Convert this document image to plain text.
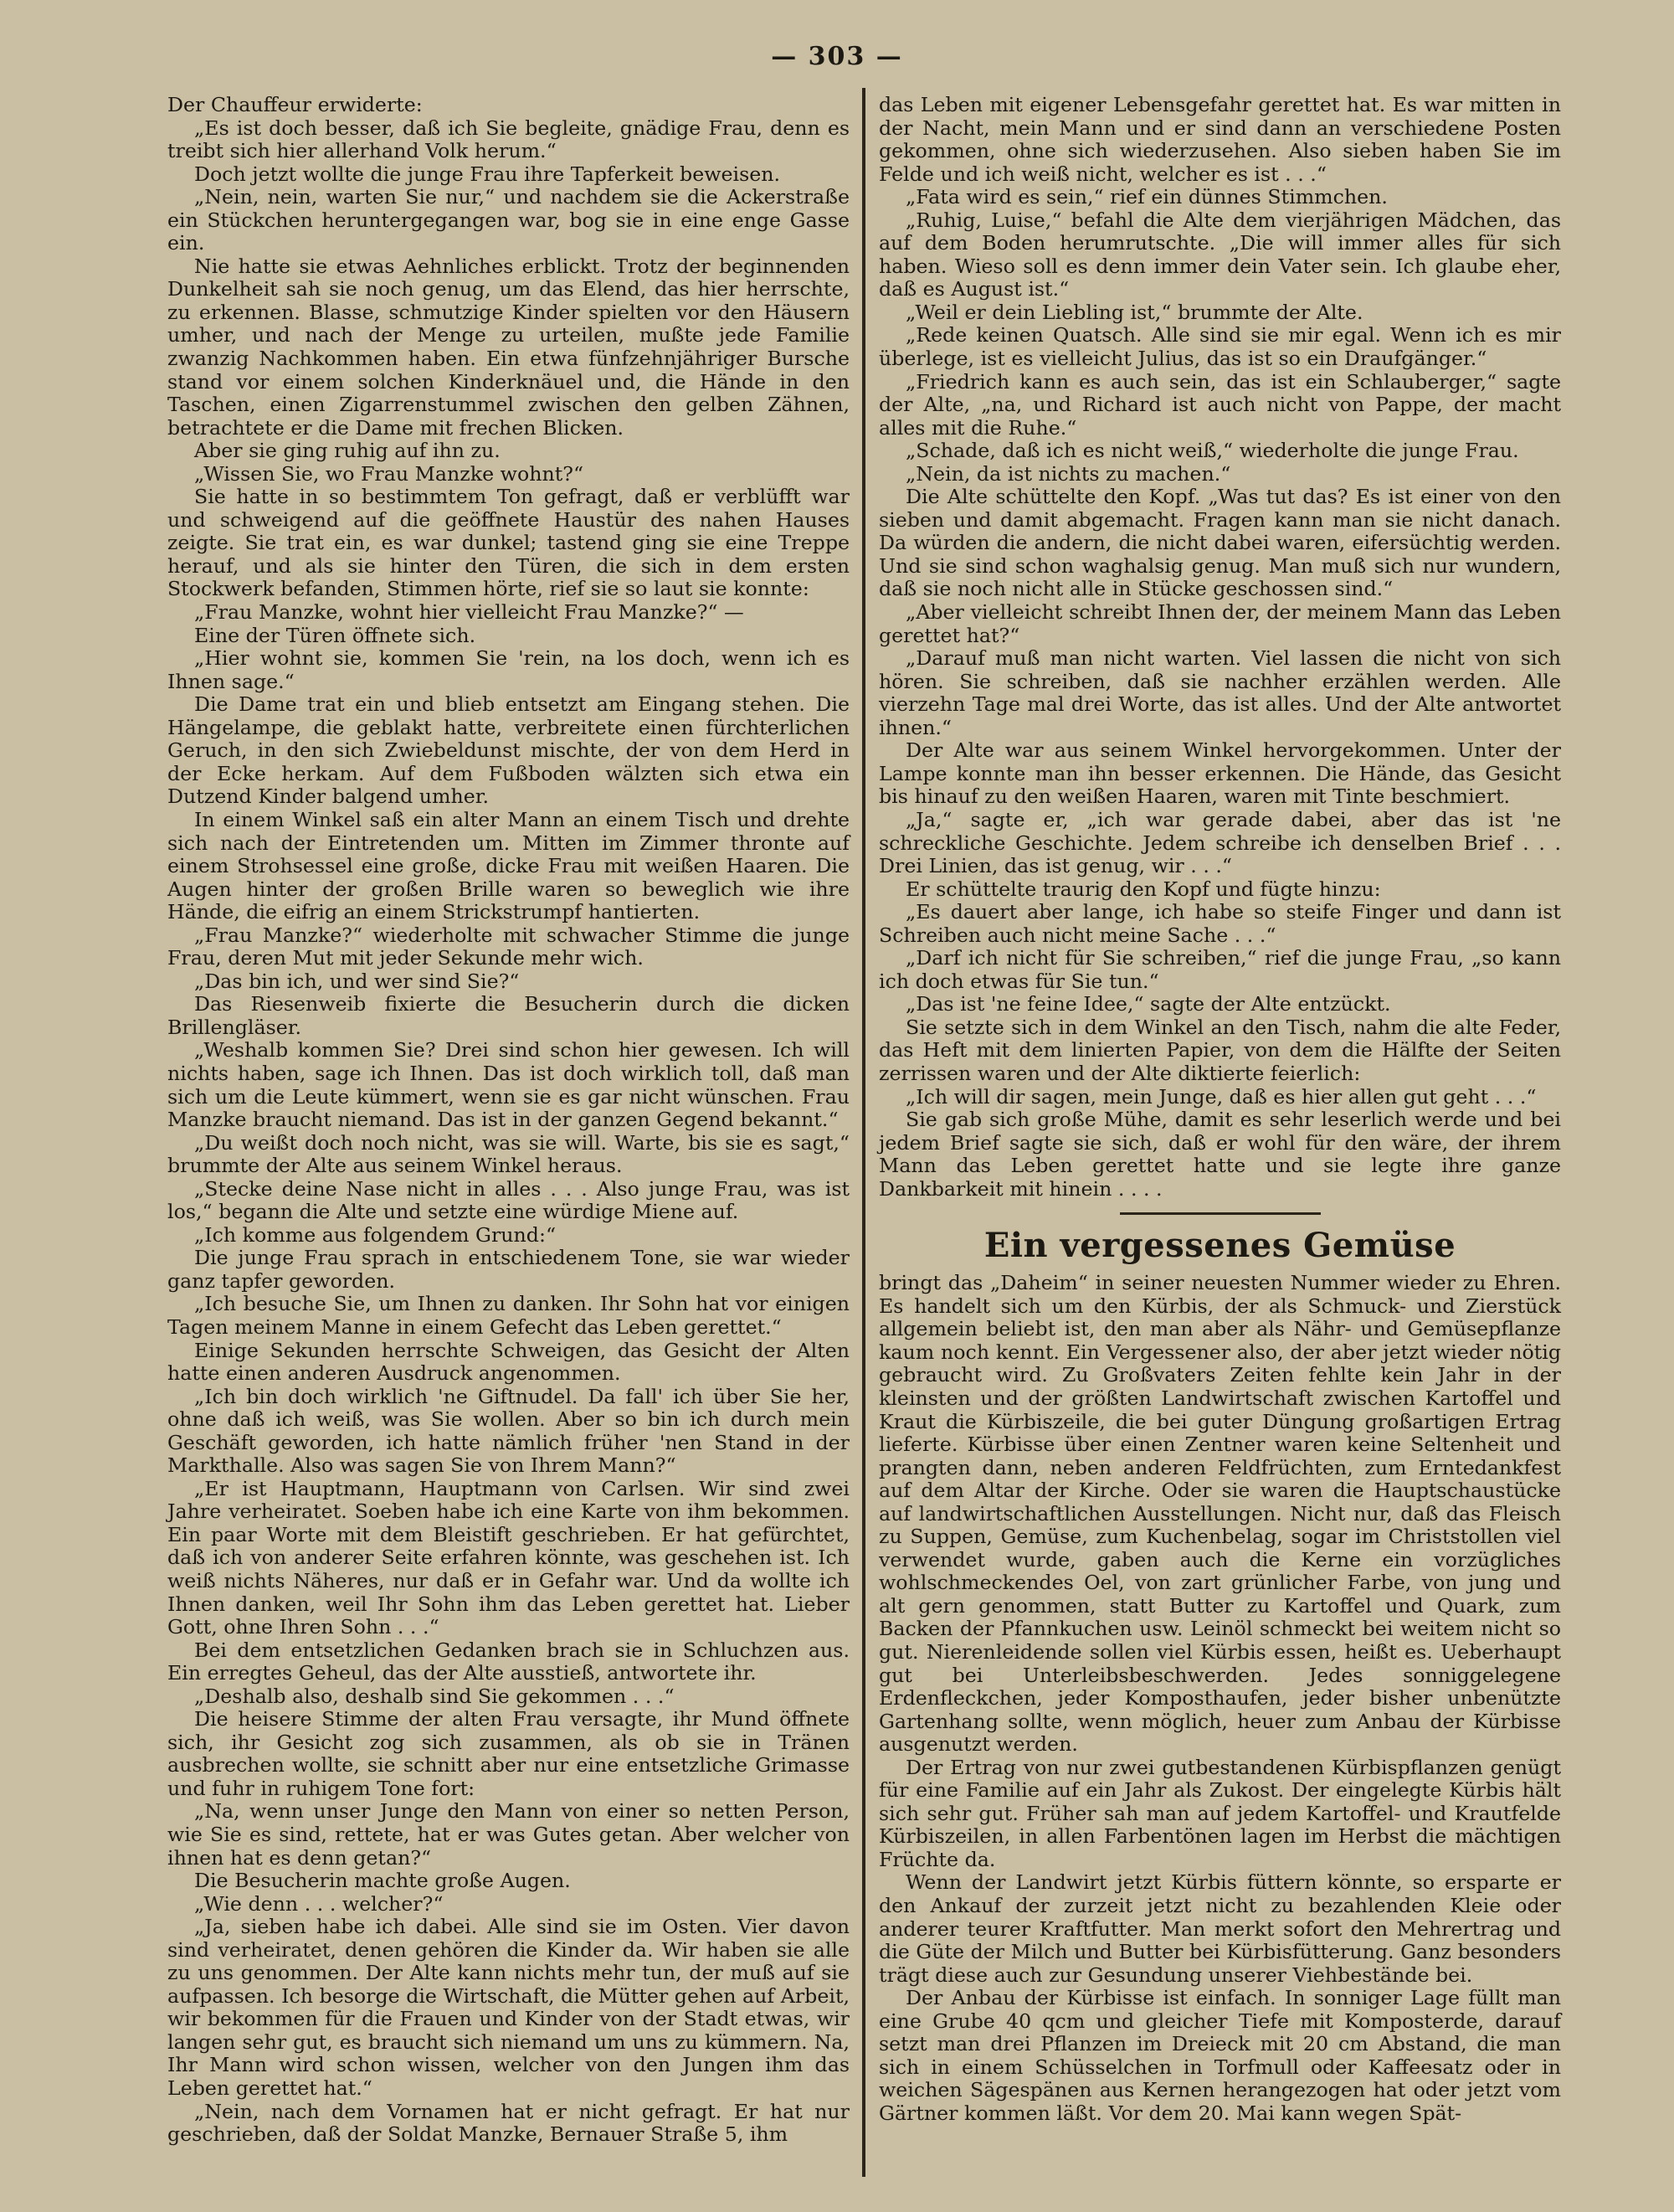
— 303 —

Der Chauffeur erwiderte:

„Es ist doch besser, daß ich Sie begleite, gnädige Frau, denn es treibt sich hier allerhand Volk herum.“

Doch jetzt wollte die junge Frau ihre Tapferkeit beweisen.

„Nein, nein, warten Sie nur,“ und nachdem sie die Ackerstraße ein Stückchen heruntergegangen war, bog sie in eine enge Gasse ein.

Nie hatte sie etwas Aehnliches erblickt. Trotz der beginnenden Dunkelheit sah sie noch genug, um das Elend, das hier herrschte, zu erkennen. Blasse, schmutzige Kinder spielten vor den Häusern umher, und nach der Menge zu urteilen, mußte jede Familie zwanzig Nachkommen haben. Ein etwa fünfzehnjähriger Bursche stand vor einem solchen Kinderknäuel und, die Hände in den Taschen, einen Zigarrenstummel zwischen den gelben Zähnen, betrachtete er die Dame mit frechen Blicken.

Aber sie ging ruhig auf ihn zu.

„Wissen Sie, wo Frau Manzke wohnt?“

Sie hatte in so bestimmtem Ton gefragt, daß er verblüfft war und schweigend auf die geöffnete Haustür des nahen Hauses zeigte. Sie trat ein, es war dunkel; tastend ging sie eine Treppe herauf, und als sie hinter den Türen, die sich in dem ersten Stockwerk befanden, Stimmen hörte, rief sie so laut sie konnte:

„Frau Manzke, wohnt hier vielleicht Frau Manzke?“ —

Eine der Türen öffnete sich.

„Hier wohnt sie, kommen Sie 'rein, na los doch, wenn ich es Ihnen sage.“

Die Dame trat ein und blieb entsetzt am Eingang stehen. Die Hängelampe, die geblakt hatte, verbreitete einen fürchterlichen Geruch, in den sich Zwiebeldunst mischte, der von dem Herd in der Ecke herkam. Auf dem Fußboden wälzten sich etwa ein Dutzend Kinder balgend umher.

In einem Winkel saß ein alter Mann an einem Tisch und drehte sich nach der Eintretenden um. Mitten im Zimmer thronte auf einem Strohsessel eine große, dicke Frau mit weißen Haaren. Die Augen hinter der großen Brille waren so beweglich wie ihre Hände, die eifrig an einem Strickstrumpf hantierten.

„Frau Manzke?“ wiederholte mit schwacher Stimme die junge Frau, deren Mut mit jeder Sekunde mehr wich.

„Das bin ich, und wer sind Sie?“

Das Riesenweib fixierte die Besucherin durch die dicken Brillengläser.

„Weshalb kommen Sie? Drei sind schon hier gewesen. Ich will nichts haben, sage ich Ihnen. Das ist doch wirklich toll, daß man sich um die Leute kümmert, wenn sie es gar nicht wünschen. Frau Manzke braucht niemand. Das ist in der ganzen Gegend bekannt.“

„Du weißt doch noch nicht, was sie will. Warte, bis sie es sagt,“ brummte der Alte aus seinem Winkel heraus.

„Stecke deine Nase nicht in alles . . . Also junge Frau, was ist los,“ begann die Alte und setzte eine würdige Miene auf.

„Ich komme aus folgendem Grund:“

Die junge Frau sprach in entschiedenem Tone, sie war wieder ganz tapfer geworden.

„Ich besuche Sie, um Ihnen zu danken. Ihr Sohn hat vor einigen Tagen meinem Manne in einem Gefecht das Leben gerettet.“

Einige Sekunden herrschte Schweigen, das Gesicht der Alten hatte einen anderen Ausdruck angenommen.

„Ich bin doch wirklich 'ne Giftnudel. Da fall' ich über Sie her, ohne daß ich weiß, was Sie wollen. Aber so bin ich durch mein Geschäft geworden, ich hatte nämlich früher 'nen Stand in der Markthalle. Also was sagen Sie von Ihrem Mann?“

„Er ist Hauptmann, Hauptmann von Carlsen. Wir sind zwei Jahre verheiratet. Soeben habe ich eine Karte von ihm bekommen. Ein paar Worte mit dem Bleistift geschrieben. Er hat gefürchtet, daß ich von anderer Seite erfahren könnte, was geschehen ist. Ich weiß nichts Näheres, nur daß er in Gefahr war. Und da wollte ich Ihnen danken, weil Ihr Sohn ihm das Leben gerettet hat. Lieber Gott, ohne Ihren Sohn . . .“

Bei dem entsetzlichen Gedanken brach sie in Schluchzen aus. Ein erregtes Geheul, das der Alte ausstieß, antwortete ihr.

„Deshalb also, deshalb sind Sie gekommen . . .“

Die heisere Stimme der alten Frau versagte, ihr Mund öffnete sich, ihr Gesicht zog sich zusammen, als ob sie in Tränen ausbrechen wollte, sie schnitt aber nur eine entsetzliche Grimasse und fuhr in ruhigem Tone fort:

„Na, wenn unser Junge den Mann von einer so netten Person, wie Sie es sind, rettete, hat er was Gutes getan. Aber welcher von ihnen hat es denn getan?“

Die Besucherin machte große Augen.

„Wie denn . . . welcher?“

„Ja, sieben habe ich dabei. Alle sind sie im Osten. Vier davon sind verheiratet, denen gehören die Kinder da. Wir haben sie alle zu uns genommen. Der Alte kann nichts mehr tun, der muß auf sie aufpassen. Ich besorge die Wirtschaft, die Mütter gehen auf Arbeit, wir bekommen für die Frauen und Kinder von der Stadt etwas, wir langen sehr gut, es braucht sich niemand um uns zu kümmern. Na, Ihr Mann wird schon wissen, welcher von den Jungen ihm das Leben gerettet hat.“

„Nein, nach dem Vornamen hat er nicht gefragt. Er hat nur geschrieben, daß der Soldat Manzke, Bernauer Straße 5, ihm

das Leben mit eigener Lebensgefahr gerettet hat. Es war mitten in der Nacht, mein Mann und er sind dann an verschiedene Posten gekommen, ohne sich wiederzusehen. Also sieben haben Sie im Felde und ich weiß nicht, welcher es ist . . .“

„Fata wird es sein,“ rief ein dünnes Stimmchen.

„Ruhig, Luise,“ befahl die Alte dem vierjährigen Mädchen, das auf dem Boden herumrutschte. „Die will immer alles für sich haben. Wieso soll es denn immer dein Vater sein. Ich glaube eher, daß es August ist.“

„Weil er dein Liebling ist,“ brummte der Alte.

„Rede keinen Quatsch. Alle sind sie mir egal. Wenn ich es mir überlege, ist es vielleicht Julius, das ist so ein Draufgänger.“

„Friedrich kann es auch sein, das ist ein Schlauberger,“ sagte der Alte, „na, und Richard ist auch nicht von Pappe, der macht alles mit die Ruhe.“

„Schade, daß ich es nicht weiß,“ wiederholte die junge Frau.

„Nein, da ist nichts zu machen.“

Die Alte schüttelte den Kopf. „Was tut das? Es ist einer von den sieben und damit abgemacht. Fragen kann man sie nicht danach. Da würden die andern, die nicht dabei waren, eifersüchtig werden. Und sie sind schon waghalsig genug. Man muß sich nur wundern, daß sie noch nicht alle in Stücke geschossen sind.“

„Aber vielleicht schreibt Ihnen der, der meinem Mann das Leben gerettet hat?“

„Darauf muß man nicht warten. Viel lassen die nicht von sich hören. Sie schreiben, daß sie nachher erzählen werden. Alle vierzehn Tage mal drei Worte, das ist alles. Und der Alte antwortet ihnen.“

Der Alte war aus seinem Winkel hervorgekommen. Unter der Lampe konnte man ihn besser erkennen. Die Hände, das Gesicht bis hinauf zu den weißen Haaren, waren mit Tinte beschmiert.

„Ja,“ sagte er, „ich war gerade dabei, aber das ist 'ne schreckliche Geschichte. Jedem schreibe ich denselben Brief . . . Drei Linien, das ist genug, wir . . .“

Er schüttelte traurig den Kopf und fügte hinzu:

„Es dauert aber lange, ich habe so steife Finger und dann ist Schreiben auch nicht meine Sache . . .“

„Darf ich nicht für Sie schreiben,“ rief die junge Frau, „so kann ich doch etwas für Sie tun.“

„Das ist 'ne feine Idee,“ sagte der Alte entzückt.

Sie setzte sich in dem Winkel an den Tisch, nahm die alte Feder, das Heft mit dem linierten Papier, von dem die Hälfte der Seiten zerrissen waren und der Alte diktierte feierlich:

„Ich will dir sagen, mein Junge, daß es hier allen gut geht . . .“

Sie gab sich große Mühe, damit es sehr leserlich werde und bei jedem Brief sagte sie sich, daß er wohl für den wäre, der ihrem Mann das Leben gerettet hatte und sie legte ihre ganze Dankbarkeit mit hinein . . . .

Ein vergessenes Gemüse

bringt das „Daheim“ in seiner neuesten Nummer wieder zu Ehren. Es handelt sich um den Kürbis, der als Schmuck- und Zierstück allgemein beliebt ist, den man aber als Nähr- und Gemüsepflanze kaum noch kennt. Ein Vergessener also, der aber jetzt wieder nötig gebraucht wird. Zu Großvaters Zeiten fehlte kein Jahr in der kleinsten und der größten Landwirtschaft zwischen Kartoffel und Kraut die Kürbiszeile, die bei guter Düngung großartigen Ertrag lieferte. Kürbisse über einen Zentner waren keine Seltenheit und prangten dann, neben anderen Feldfrüchten, zum Erntedankfest auf dem Altar der Kirche. Oder sie waren die Hauptschaustücke auf landwirtschaftlichen Ausstellungen. Nicht nur, daß das Fleisch zu Suppen, Gemüse, zum Kuchenbelag, sogar im Christstollen viel verwendet wurde, gaben auch die Kerne ein vorzügliches wohlschmeckendes Oel, von zart grünlicher Farbe, von jung und alt gern genommen, statt Butter zu Kartoffel und Quark, zum Backen der Pfannkuchen usw. Leinöl schmeckt bei weitem nicht so gut. Nierenleidende sollen viel Kürbis essen, heißt es. Ueberhaupt gut bei Unterleibsbeschwerden. Jedes sonniggelegene Erdenfleckchen, jeder Komposthaufen, jeder bisher unbenützte Gartenhang sollte, wenn möglich, heuer zum Anbau der Kürbisse ausgenutzt werden.

Der Ertrag von nur zwei gutbestandenen Kürbispflanzen genügt für eine Familie auf ein Jahr als Zukost. Der eingelegte Kürbis hält sich sehr gut. Früher sah man auf jedem Kartoffel- und Krautfelde Kürbiszeilen, in allen Farbentönen lagen im Herbst die mächtigen Früchte da.

Wenn der Landwirt jetzt Kürbis füttern könnte, so ersparte er den Ankauf der zurzeit jetzt nicht zu bezahlenden Kleie oder anderer teurer Kraftfutter. Man merkt sofort den Mehrertrag und die Güte der Milch und Butter bei Kürbisfütterung. Ganz besonders trägt diese auch zur Gesundung unserer Viehbestände bei.

Der Anbau der Kürbisse ist einfach. In sonniger Lage füllt man eine Grube 40 qcm und gleicher Tiefe mit Komposterde, darauf setzt man drei Pflanzen im Dreieck mit 20 cm Abstand, die man sich in einem Schüsselchen in Torfmull oder Kaffeesatz oder in weichen Sägespänen aus Kernen herangezogen hat oder jetzt vom Gärtner kommen läßt. Vor dem 20. Mai kann wegen Spät-
